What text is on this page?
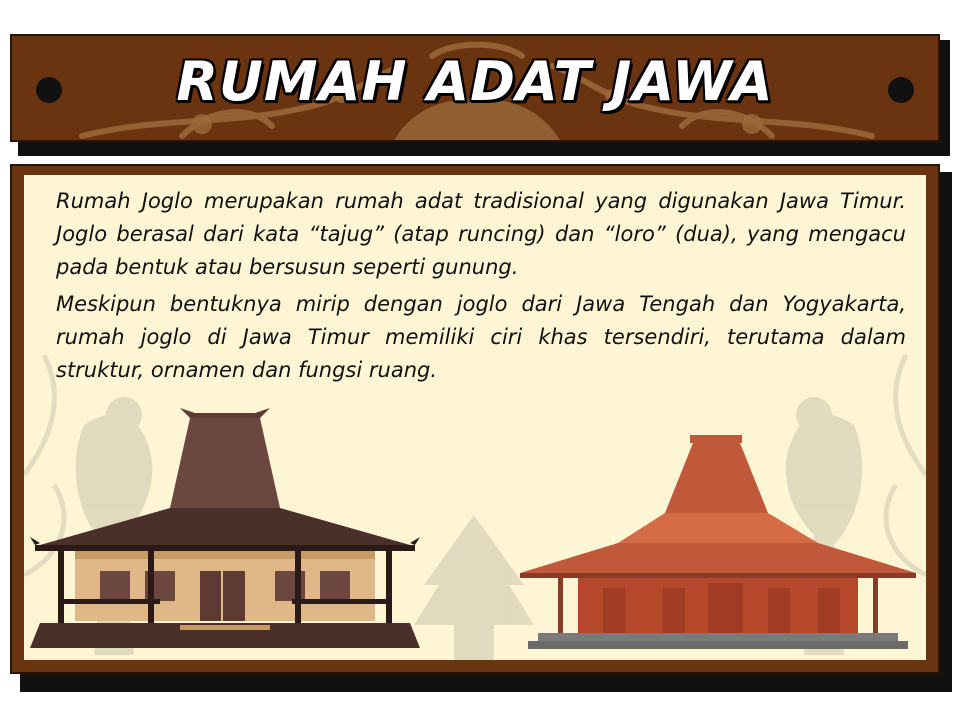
RUMAH ADAT JAWA

Rumah Joglo merupakan rumah adat tradisional yang digunakan Jawa Timur. Joglo berasal dari kata “tajug” (atap runcing) dan “loro” (dua), yang mengacu pada bentuk atau bersusun seperti gunung.

Meskipun bentuknya mirip dengan joglo dari Jawa Tengah dan Yogyakarta, rumah joglo di Jawa Timur memiliki ciri khas tersendiri, terutama dalam struktur, ornamen dan fungsi ruang.
